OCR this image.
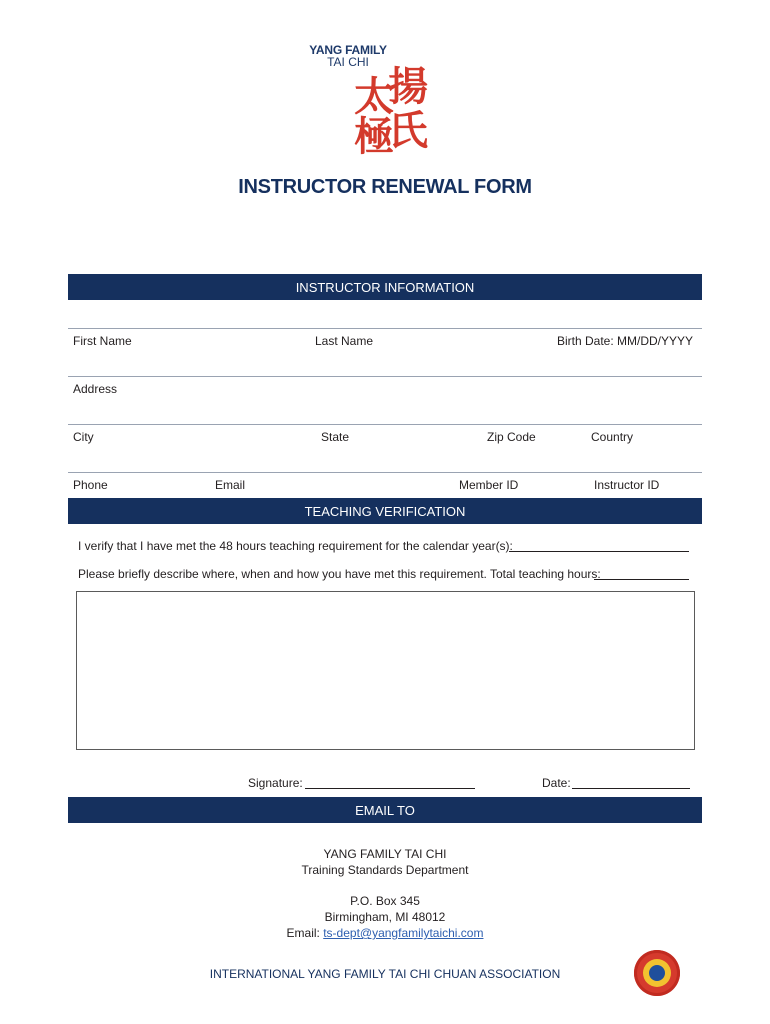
YANG FAMILY
TAI CHI
揚
氏
太
極
INSTRUCTOR RENEWAL FORM
INSTRUCTOR INFORMATION
First Name	Last Name	Birth Date: MM/DD/YYYY
Address
City	State	Zip Code	Country
Phone	Email	Member ID	Instructor ID
TEACHING VERIFICATION
I verify that I have met the 48 hours teaching requirement for the calendar year(s):
Please briefly describe where, when and how you have met this requirement. Total teaching hours:
Signature:	Date:
EMAIL TO
YANG FAMILY TAI CHI
Training Standards Department
P.O. Box 345
Birmingham, MI 48012
Email: ts-dept@yangfamilytaichi.com
INTERNATIONAL YANG FAMILY TAI CHI CHUAN ASSOCIATION
